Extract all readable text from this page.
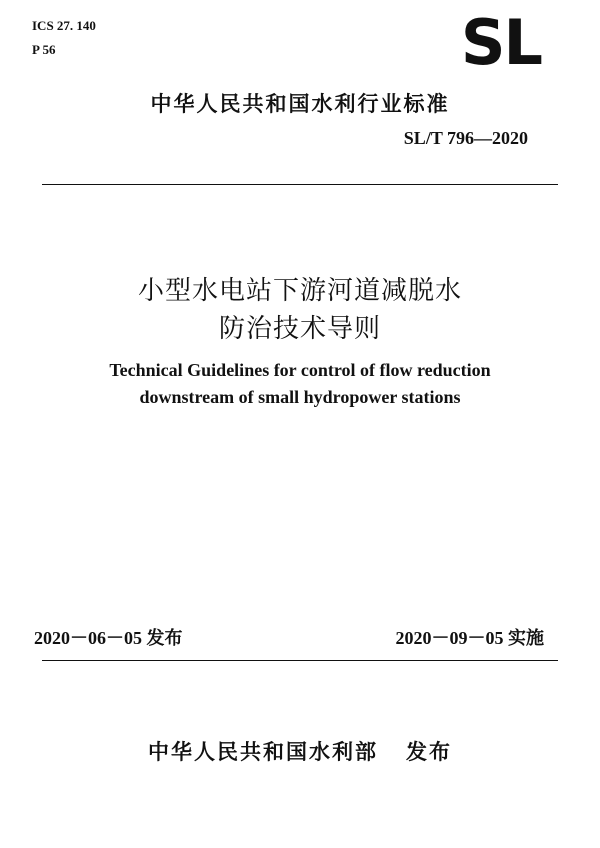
ICS 27. 140
P 56	SL
中华人民共和国水利行业标准
SL/T 796—2020
小型水电站下游河道减脱水
防治技术导则
Technical Guidelines for control of flow reduction
downstream of small hydropower stations
2020－06－05 发布	2020－09－05 实施
中华人民共和国水利部 发布
